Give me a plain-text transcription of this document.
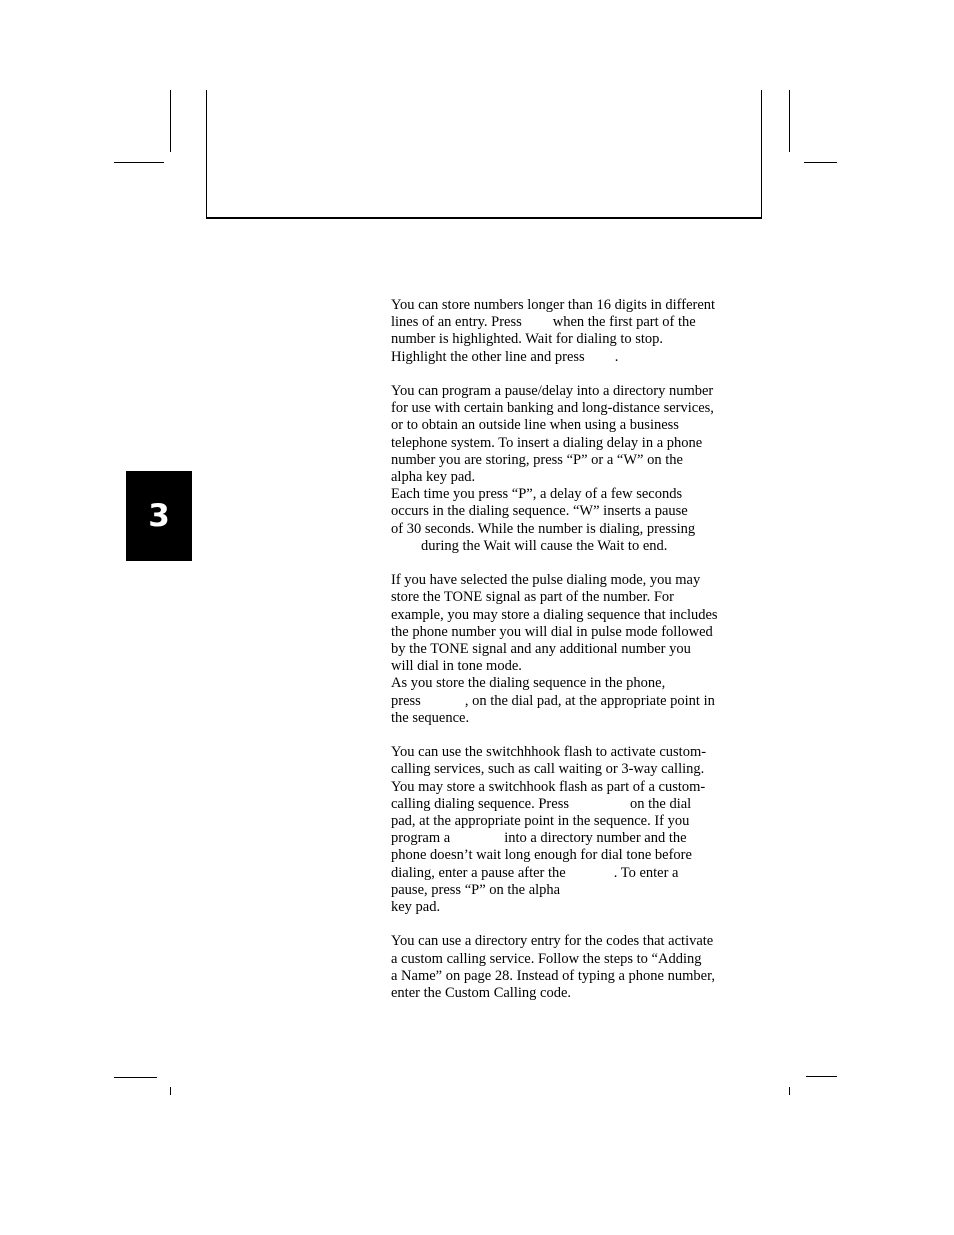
3

You can store numbers longer than 16 digits in different
lines of an entry. Press when the first part of the
number is highlighted. Wait for dialing to stop.
Highlight the other line and press .

You can program a pause/delay into a directory number
for use with certain banking and long-distance services,
or to obtain an outside line when using a business
telephone system. To insert a dialing delay in a phone
number you are storing, press “P” or a “W” on the
alpha key pad.
Each time you press “P”, a delay of a few seconds
occurs in the dialing sequence. “W” inserts a pause
of 30 seconds. While the number is dialing, pressing
during the Wait will cause the Wait to end.

If you have selected the pulse dialing mode, you may
store the TONE signal as part of the number. For
example, you may store a dialing sequence that includes
the phone number you will dial in pulse mode followed
by the TONE signal and any additional number you
will dial in tone mode.
As you store the dialing sequence in the phone,
press	, on the dial pad, at the appropriate point in
the sequence.

You can use the switchhhook flash to activate custom-
calling services, such as call waiting or 3-way calling.
You may store a switchhook flash as part of a custom-
calling dialing sequence. Press	on the dial
pad, at the appropriate point in the sequence. If you
program a	into a directory number and the
phone doesn’t wait long enough for dial tone before
dialing, enter a pause after the	. To enter a
pause, press “P” on the alpha
key pad.

You can use a directory entry for the codes that activate
a custom calling service. Follow the steps to “Adding
a Name” on page 28. Instead of typing a phone number,
enter the Custom Calling code.
